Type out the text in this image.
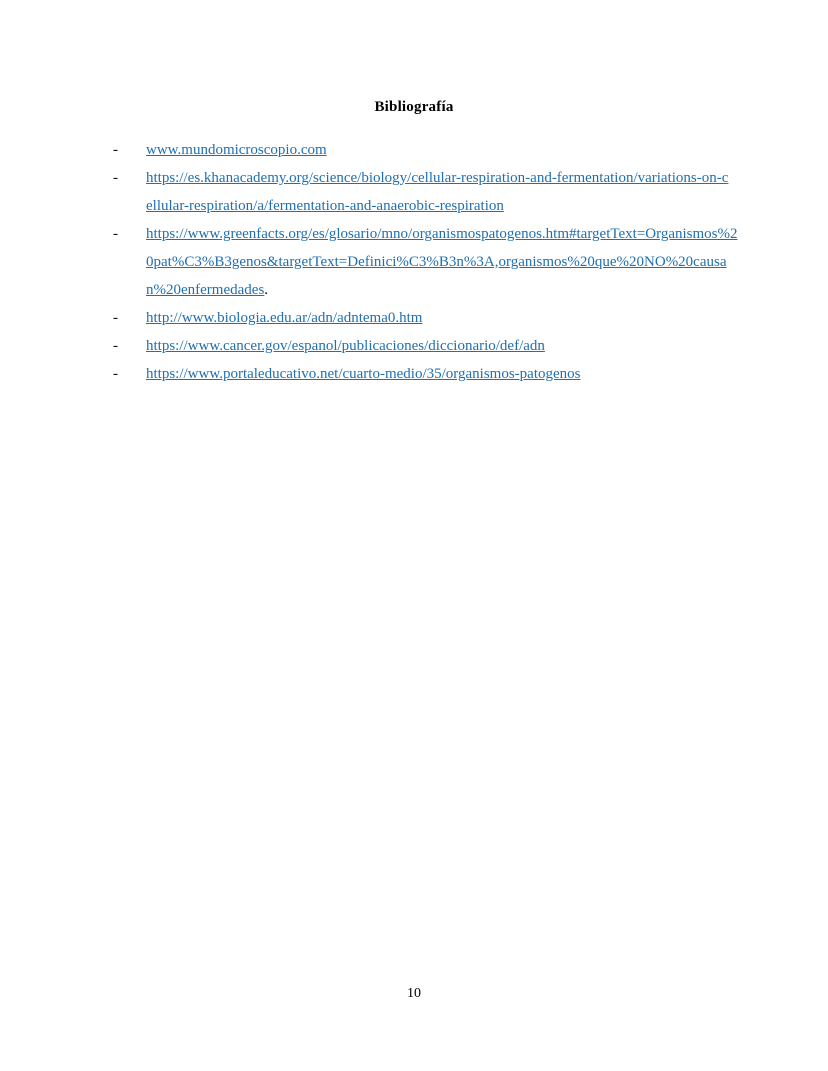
Bibliografía
-	www.mundomicroscopio.com
-	https://es.khanacademy.org/science/biology/cellular-respiration-and-fermentation/variations-on-cellular-respiration/a/fermentation-and-anaerobic-respiration
-	https://www.greenfacts.org/es/glosario/mno/organismospatogenos.htm#targetText=Organismos%20pat%C3%B3genos&targetText=Definici%C3%B3n%3A,organismos%20que%20NO%20causan%20enfermedades.
-	http://www.biologia.edu.ar/adn/adntema0.htm
-	https://www.cancer.gov/espanol/publicaciones/diccionario/def/adn
-	https://www.portaleducativo.net/cuarto-medio/35/organismos-patogenos
10
